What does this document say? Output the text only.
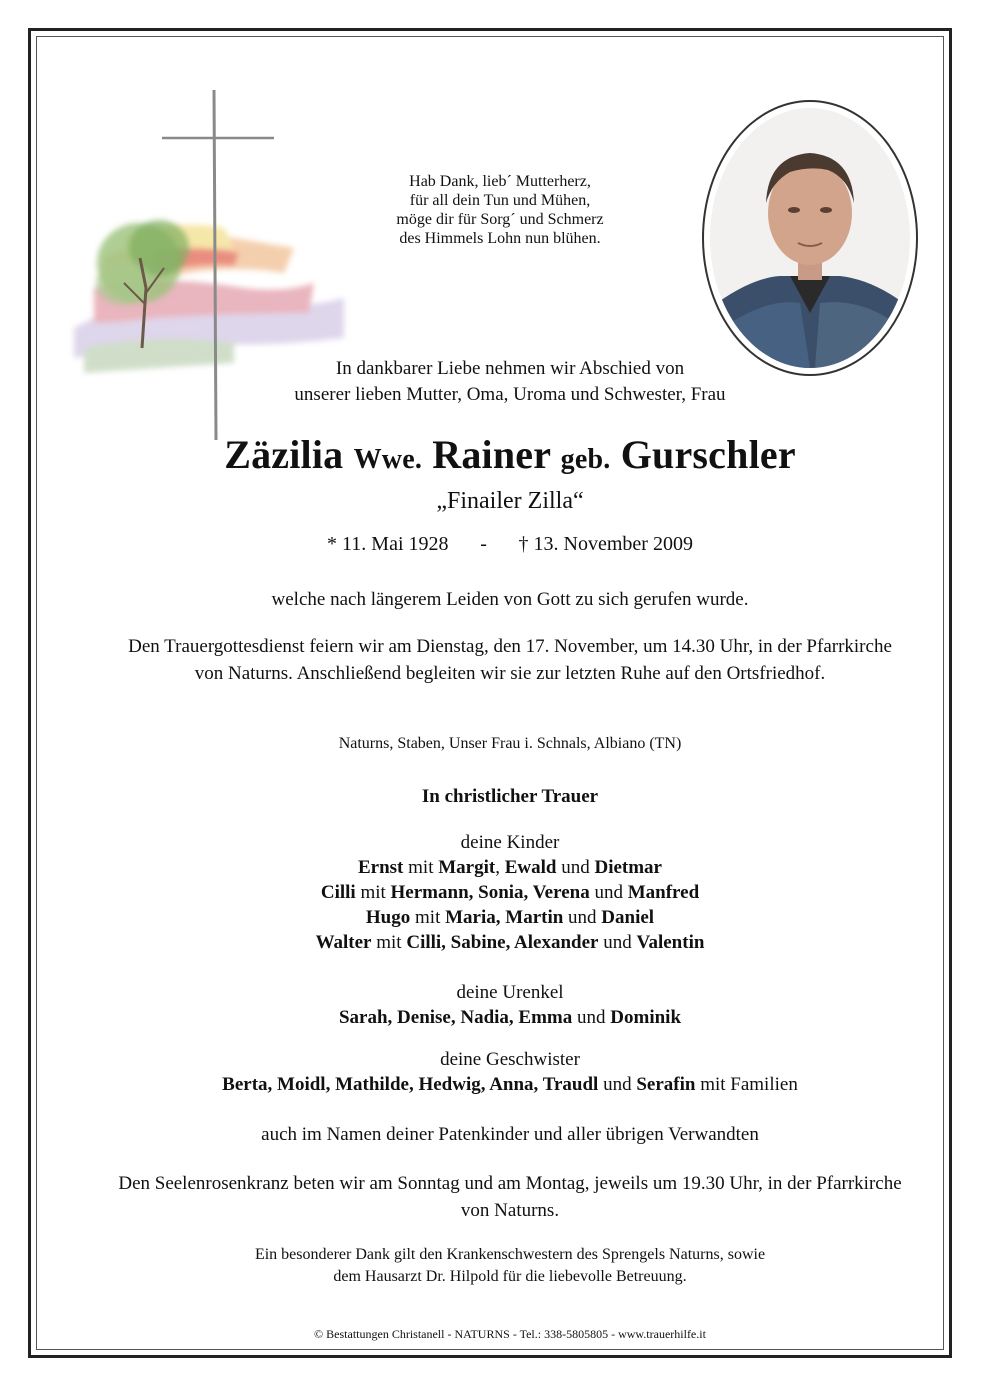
Hab Dank, lieb´ Mutterherz,
für all dein Tun und Mühen,
möge dir für Sorg´ und Schmerz
des Himmels Lohn nun blühen.
In dankbarer Liebe nehmen wir Abschied von
unserer lieben Mutter, Oma, Uroma und Schwester, Frau
Zäzilia Wwe. Rainer geb. Gurschler
„Finailer Zilla“
* 11. Mai 1928 - † 13. November 2009
welche nach längerem Leiden von Gott zu sich gerufen wurde.
Den Trauergottesdienst feiern wir am Dienstag, den 17. November, um 14.30 Uhr, in der Pfarrkirche von Naturns. Anschließend begleiten wir sie zur letzten Ruhe auf den Ortsfriedhof.
Naturns, Staben, Unser Frau i. Schnals, Albiano (TN)
In christlicher Trauer
deine Kinder
Ernst mit Margit, Ewald und Dietmar
Cilli mit Hermann, Sonia, Verena und Manfred
Hugo mit Maria, Martin und Daniel
Walter mit Cilli, Sabine, Alexander und Valentin
deine Urenkel
Sarah, Denise, Nadia, Emma und Dominik
deine Geschwister
Berta, Moidl, Mathilde, Hedwig, Anna, Traudl und Serafin mit Familien
auch im Namen deiner Patenkinder und aller übrigen Verwandten
Den Seelenrosenkranz beten wir am Sonntag und am Montag, jeweils um 19.30 Uhr, in der Pfarrkirche von Naturns.
Ein besonderer Dank gilt den Krankenschwestern des Sprengels Naturns, sowie
dem Hausarzt Dr. Hilpold für die liebevolle Betreuung.
© Bestattungen Christanell - NATURNS - Tel.: 338-5805805 - www.trauerhilfe.it
